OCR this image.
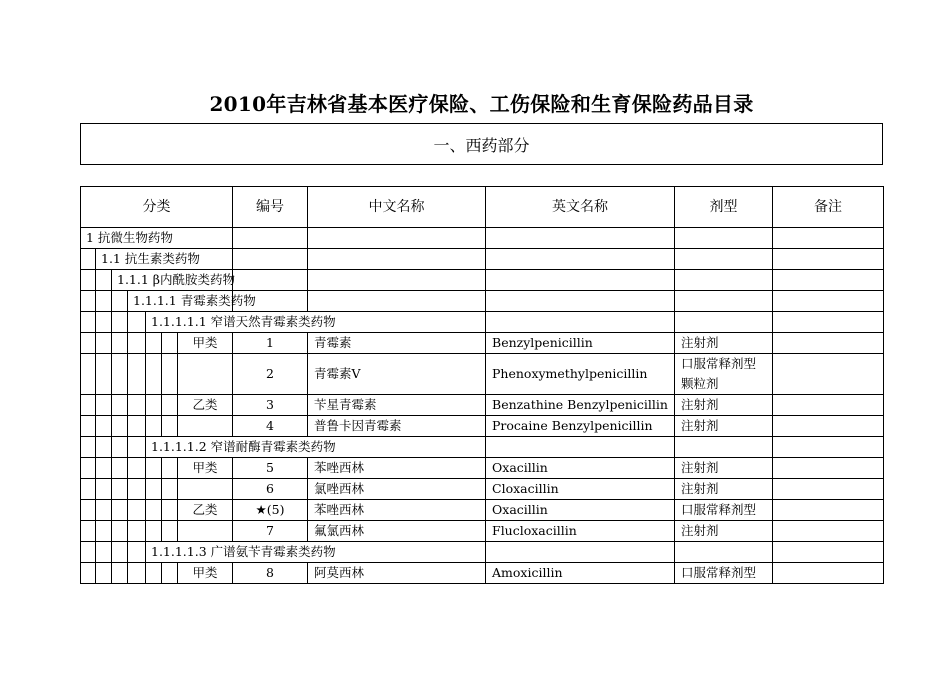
2010年吉林省基本医疗保险、工伤保险和生育保险药品目录
一、西药部分
分类							编号	中文名称	英文名称	剂型	备注
1 抗微生物药物											
	1.1 抗生素类药物										
		1.1.1 β内酰胺类药物									
			1.1.1.1 青霉素类药物								
				1.1.1.1.1 窄谱天然青霉素类药物							
						甲类	1	青霉素	Benzylpenicillin	注射剂	
							2	青霉素V	Phenoxymethylpenicillin	口服常释剂型
颗粒剂	

						乙类	3	苄星青霉素	Benzathine Benzylpenicillin	注射剂	
							4	普鲁卡因青霉素	Procaine Benzylpenicillin	注射剂	
				1.1.1.1.2 窄谱耐酶青霉素类药物							
						甲类	5	苯唑西林	Oxacillin	注射剂	
							6	氯唑西林	Cloxacillin	注射剂	
						乙类	★(5)	苯唑西林	Oxacillin	口服常释剂型	
							7	氟氯西林	Flucloxacillin	注射剂	
				1.1.1.1.3 广谱氨苄青霉素类药物							
						甲类	8	阿莫西林	Amoxicillin	口服常释剂型	
